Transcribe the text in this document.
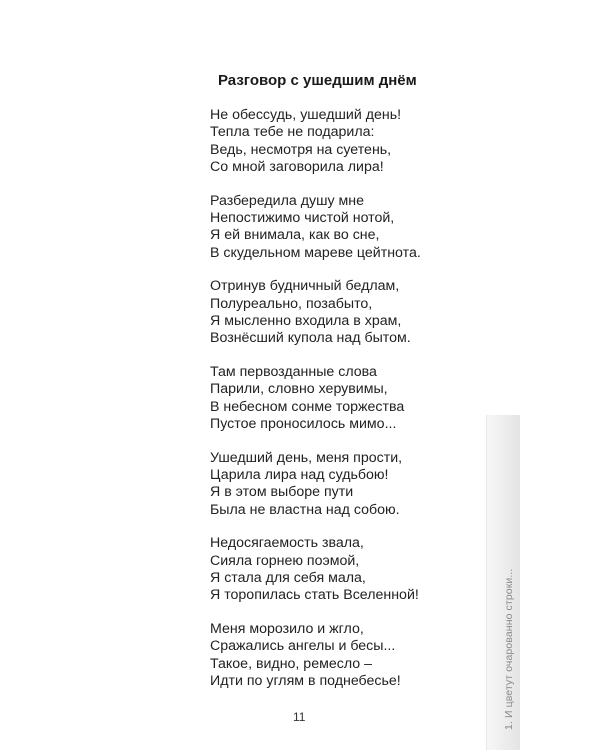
1. И цветут очарованно строки...
Разговор с ушедшим днём
Не обессудь, ушедший день!
Тепла тебе не подарила:
Ведь, несмотря на суетень,
Со мной заговорила лира!
Разбередила душу мне
Непостижимо чистой нотой,
Я ей внимала, как во сне,
В скудельном мареве цейтнота.
Отринув будничный бедлам,
Полуреально, позабыто,
Я мысленно входила в храм,
Вознёсший купола над бытом.
Там первозданные слова
Парили, словно херувимы,
В небесном сонме торжества
Пустое проносилось мимо...
Ушедший день, меня прости,
Царила лира над судьбою!
Я в этом выборе пути
Была не властна над собою.
Недосягаемость звала,
Сияла горнею поэмой,
Я стала для себя мала,
Я торопилась стать Вселенной!
Меня морозило и жгло,
Сражались ангелы и бесы...
Такое, видно, ремесло –
Идти по углям в поднебесье!
11
